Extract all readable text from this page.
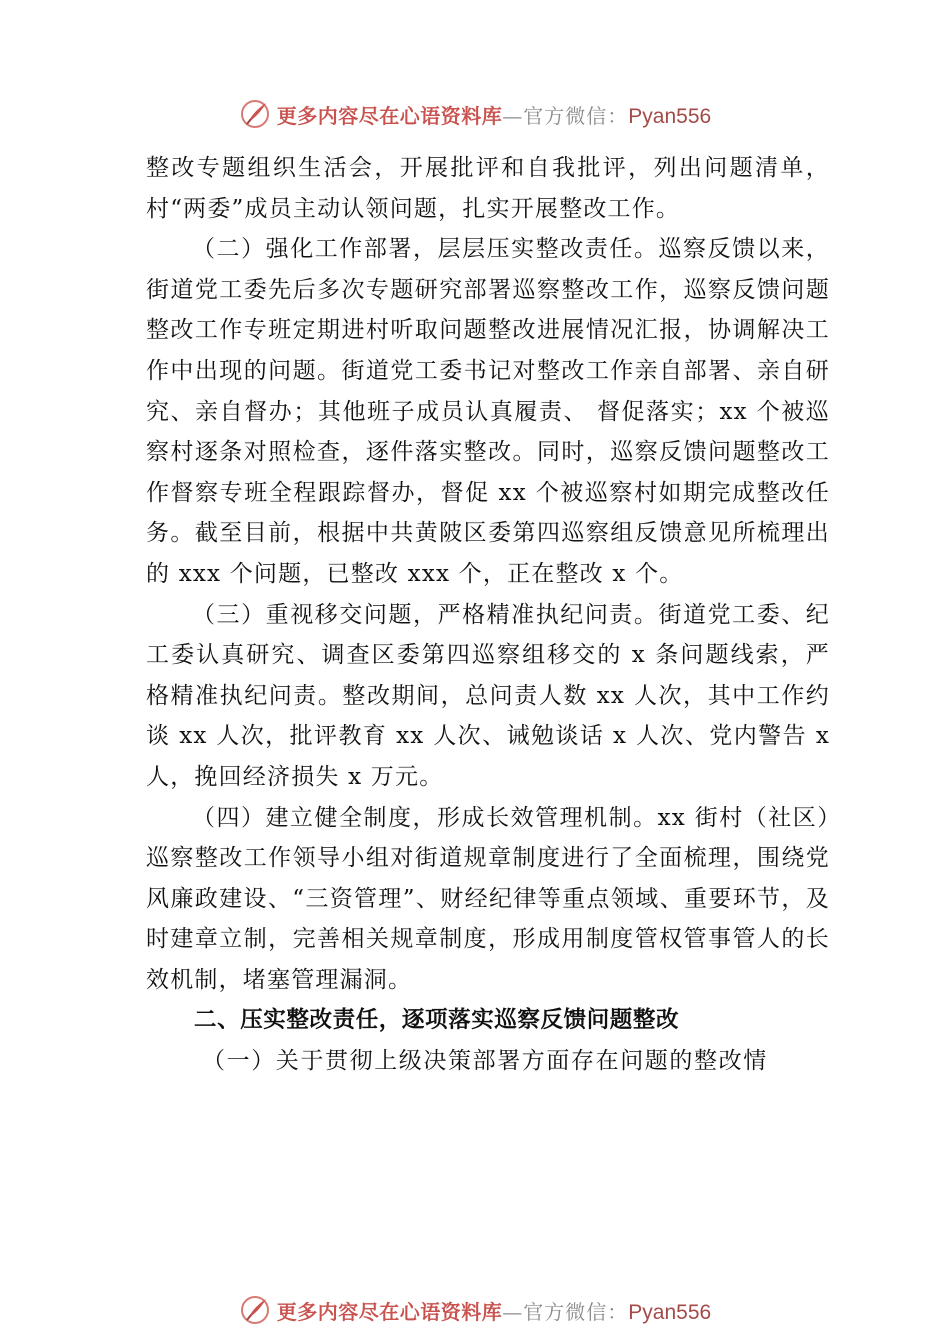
更多内容尽在心语资料库—官方微信：Pyan556

整改专题组织生活会，开展批评和自我批评，列出问题清单，村“两委”成员主动认领问题，扎实开展整改工作。

（二）强化工作部署，层层压实整改责任。巡察反馈以来，街道党工委先后多次专题研究部署巡察整改工作，巡察反馈问题整改工作专班定期进村听取问题整改进展情况汇报，协调解决工作中出现的问题。街道党工委书记对整改工作亲自部署、亲自研究、亲自督办；其他班子成员认真履责、 督促落实；xx 个被巡察村逐条对照检查，逐件落实整改。同时，巡察反馈问题整改工作督察专班全程跟踪督办，督促 xx 个被巡察村如期完成整改任务。截至目前，根据中共黄陂区委第四巡察组反馈意见所梳理出的 xxx 个问题，已整改 xxx 个，正在整改 x 个。

（三）重视移交问题，严格精准执纪问责。街道党工委、纪工委认真研究、调查区委第四巡察组移交的 x 条问题线索，严格精准执纪问责。整改期间，总问责人数 xx 人次，其中工作约谈 xx 人次，批评教育 xx 人次、诫勉谈话 x 人次、党内警告 x 人，挽回经济损失 x 万元。

（四）建立健全制度，形成长效管理机制。xx 街村（社区）巡察整改工作领导小组对街道规章制度进行了全面梳理，围绕党风廉政建设、“三资管理”、财经纪律等重点领域、重要环节，及时建章立制，完善相关规章制度，形成用制度管权管事管人的长效机制，堵塞管理漏洞。

二、压实整改责任，逐项落实巡察反馈问题整改

（一）关于贯彻上级决策部署方面存在问题的整改情

更多内容尽在心语资料库—官方微信：Pyan556
